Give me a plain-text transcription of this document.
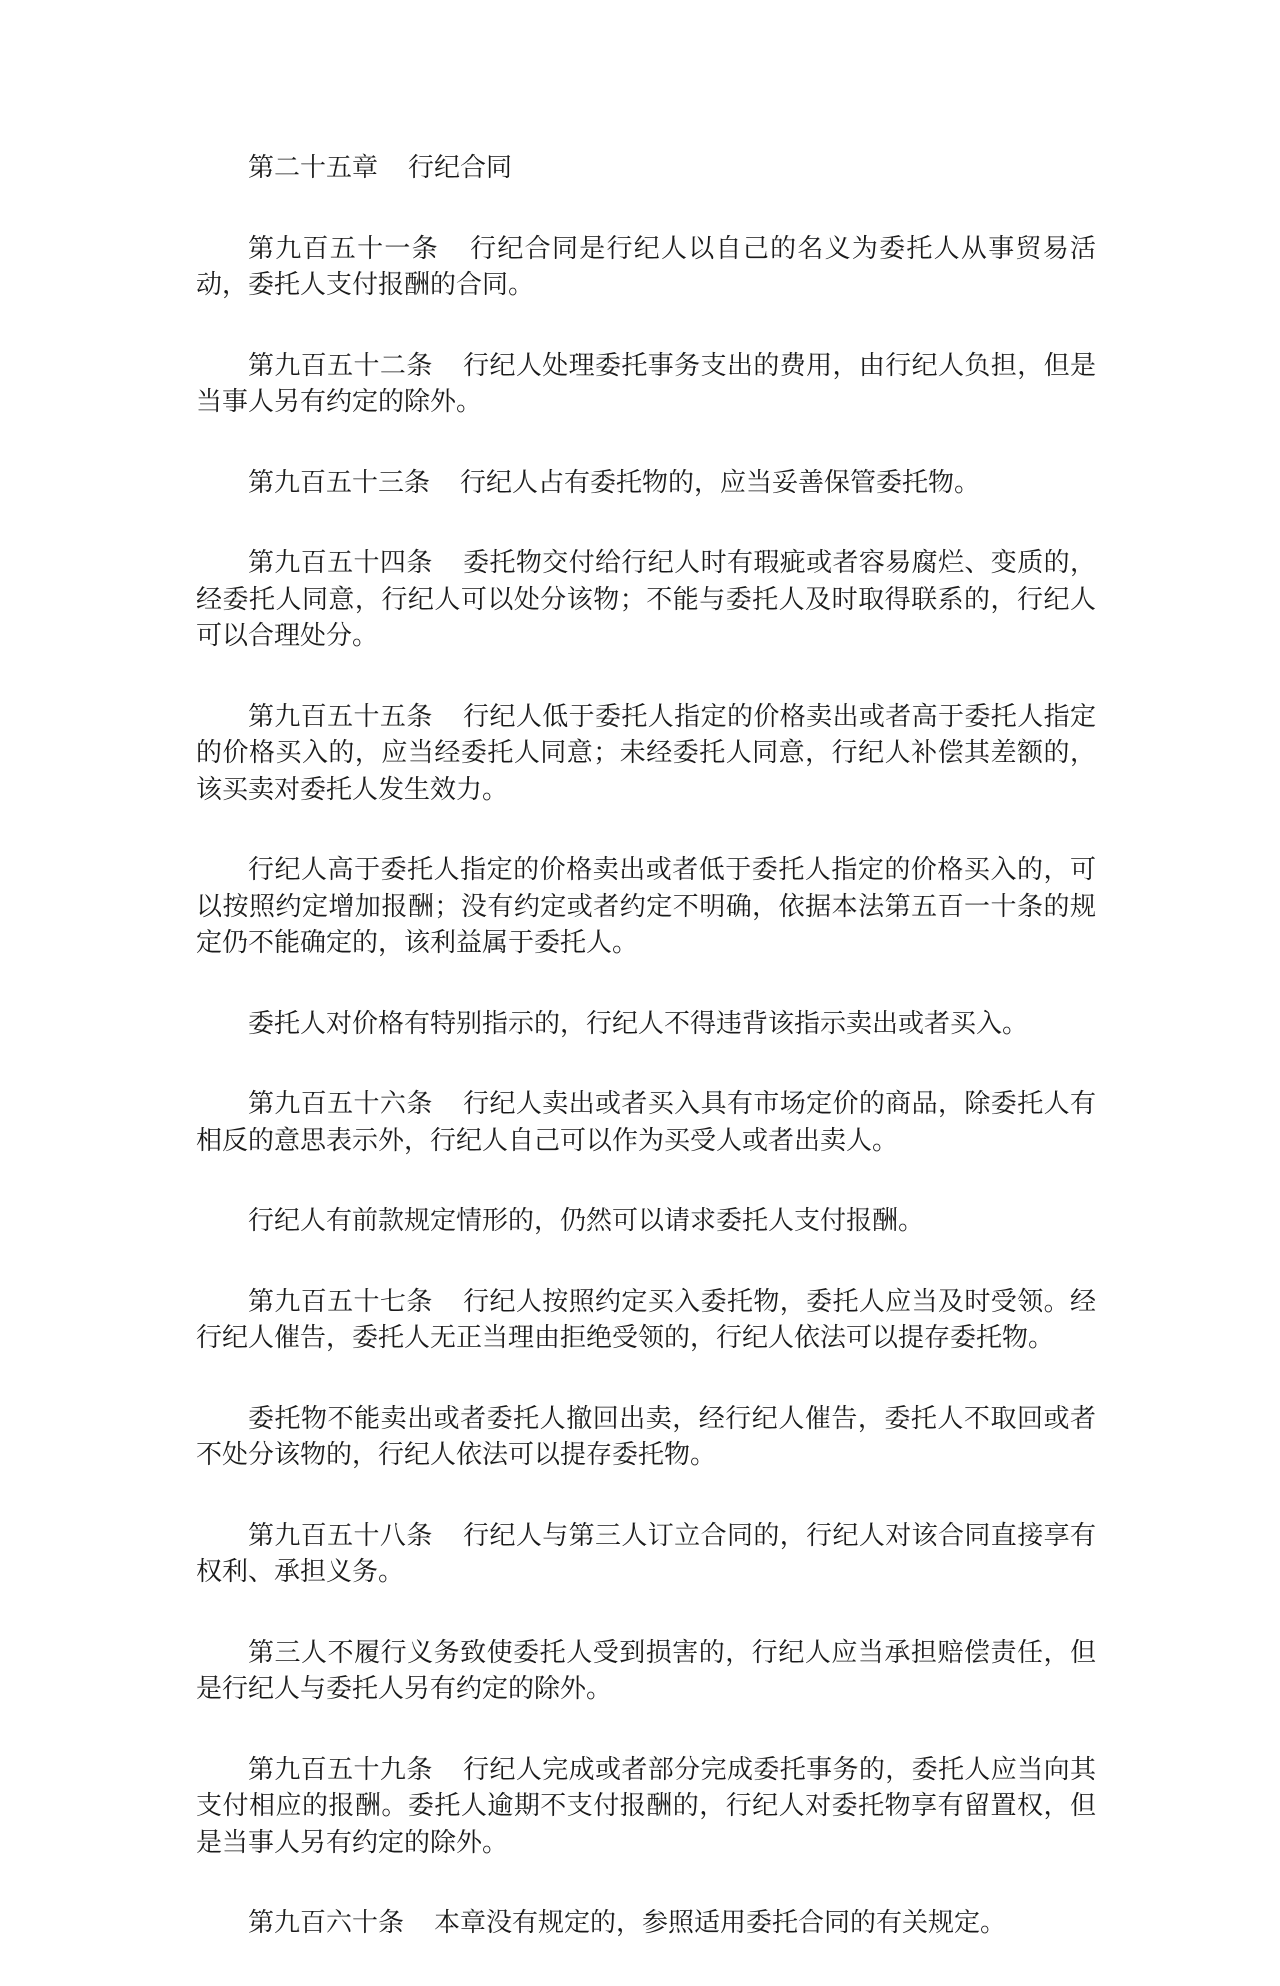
第二十五章 行纪合同

第九百五十一条 行纪合同是行纪人以自己的名义为委托人从事贸易活动，委托人支付报酬的合同。

第九百五十二条 行纪人处理委托事务支出的费用，由行纪人负担，但是当事人另有约定的除外。

第九百五十三条 行纪人占有委托物的，应当妥善保管委托物。

第九百五十四条 委托物交付给行纪人时有瑕疵或者容易腐烂、变质的，经委托人同意，行纪人可以处分该物；不能与委托人及时取得联系的，行纪人可以合理处分。

第九百五十五条 行纪人低于委托人指定的价格卖出或者高于委托人指定的价格买入的，应当经委托人同意；未经委托人同意，行纪人补偿其差额的，该买卖对委托人发生效力。

行纪人高于委托人指定的价格卖出或者低于委托人指定的价格买入的，可以按照约定增加报酬；没有约定或者约定不明确，依据本法第五百一十条的规定仍不能确定的，该利益属于委托人。

委托人对价格有特别指示的，行纪人不得违背该指示卖出或者买入。

第九百五十六条 行纪人卖出或者买入具有市场定价的商品，除委托人有相反的意思表示外，行纪人自己可以作为买受人或者出卖人。

行纪人有前款规定情形的，仍然可以请求委托人支付报酬。

第九百五十七条 行纪人按照约定买入委托物，委托人应当及时受领。经行纪人催告，委托人无正当理由拒绝受领的，行纪人依法可以提存委托物。

委托物不能卖出或者委托人撤回出卖，经行纪人催告，委托人不取回或者不处分该物的，行纪人依法可以提存委托物。

第九百五十八条 行纪人与第三人订立合同的，行纪人对该合同直接享有权利、承担义务。

第三人不履行义务致使委托人受到损害的，行纪人应当承担赔偿责任，但是行纪人与委托人另有约定的除外。

第九百五十九条 行纪人完成或者部分完成委托事务的，委托人应当向其支付相应的报酬。委托人逾期不支付报酬的，行纪人对委托物享有留置权，但是当事人另有约定的除外。

第九百六十条 本章没有规定的，参照适用委托合同的有关规定。
